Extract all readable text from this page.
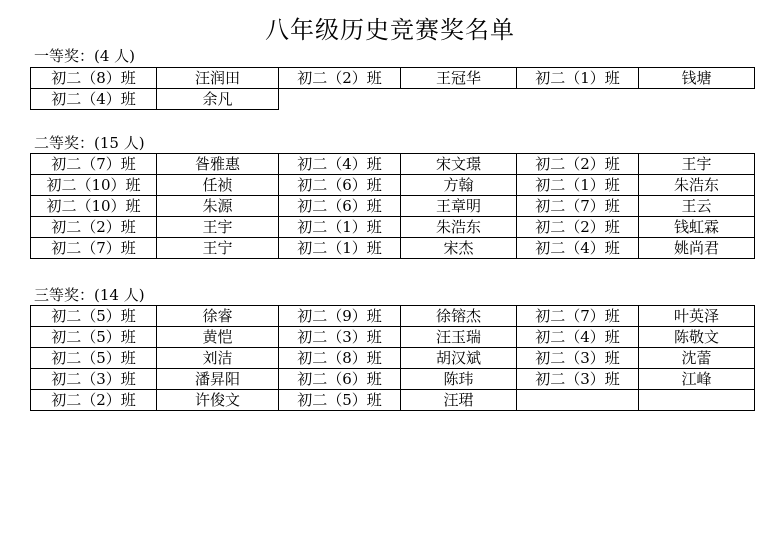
八年级历史竞赛奖名单
一等奖：(4 人)
初二（8）班	汪润田	初二（2）班	王冠华	初二（1）班	钱塘
初二（4）班	余凡				
二等奖：(15 人)
初二（7）班	昝雅惠	初二（4）班	宋文璟	初二（2）班	王宇
初二（10）班	任祯	初二（6）班	方翰	初二（1）班	朱浩东
初二（10）班	朱源	初二（6）班	王章明	初二（7）班	王云
初二（2）班	王宇	初二（1）班	朱浩东	初二（2）班	钱虹霖
初二（7）班	王宁	初二（1）班	宋杰	初二（4）班	姚尚君
三等奖：(14 人)
初二（5）班	徐睿	初二（9）班	徐镕杰	初二（7）班	叶英泽
初二（5）班	黄恺	初二（3）班	汪玉瑞	初二（4）班	陈敬文
初二（5）班	刘洁	初二（8）班	胡汉斌	初二（3）班	沈蕾
初二（3）班	潘昇阳	初二（6）班	陈玮	初二（3）班	江峰
初二（2）班	许俊文	初二（5）班	汪珺		
